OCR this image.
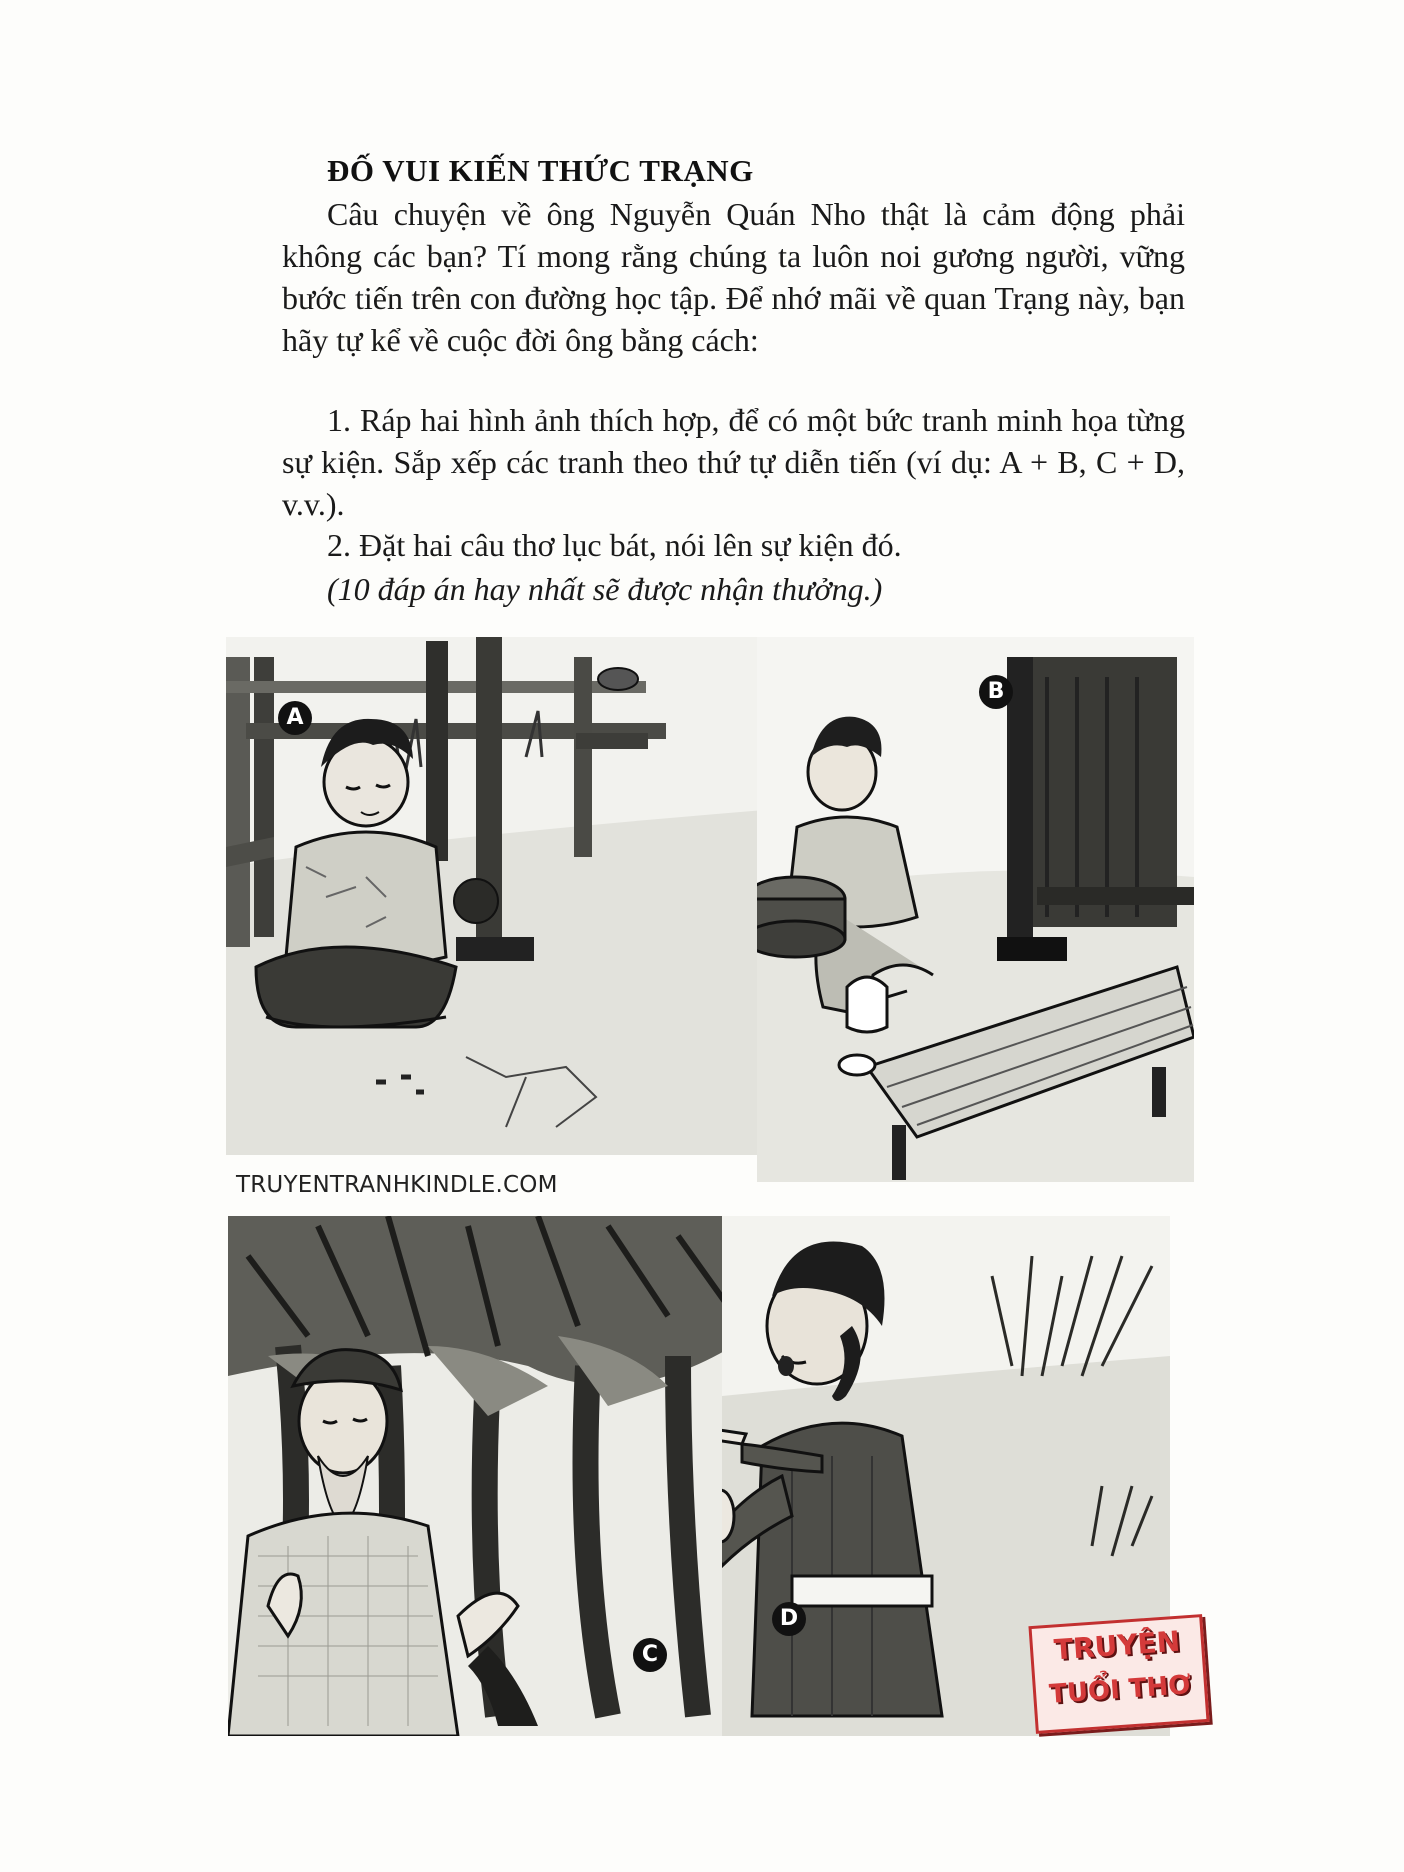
ĐỐ VUI KIẾN THỨC TRẠNG

Câu chuyện về ông Nguyễn Quán Nho thật là cảm động phải không các bạn? Tí mong rằng chúng ta luôn noi gương người, vững bước tiến trên con đường học tập. Để nhớ mãi về quan Trạng này, bạn hãy tự kể về cuộc đời ông bằng cách:

1. Ráp hai hình ảnh thích hợp, để có một bức tranh minh họa từng sự kiện. Sắp xếp các tranh theo thứ tự diễn tiến (ví dụ: A + B, C + D, v.v.).

2. Đặt hai câu thơ lục bát, nói lên sự kiện đó.

(10 đáp án hay nhất sẽ được nhận thưởng.)

A
B
TRUYENTRANHKINDLE.COM
C
D
TRUYỆN
TUỔI THƠ
